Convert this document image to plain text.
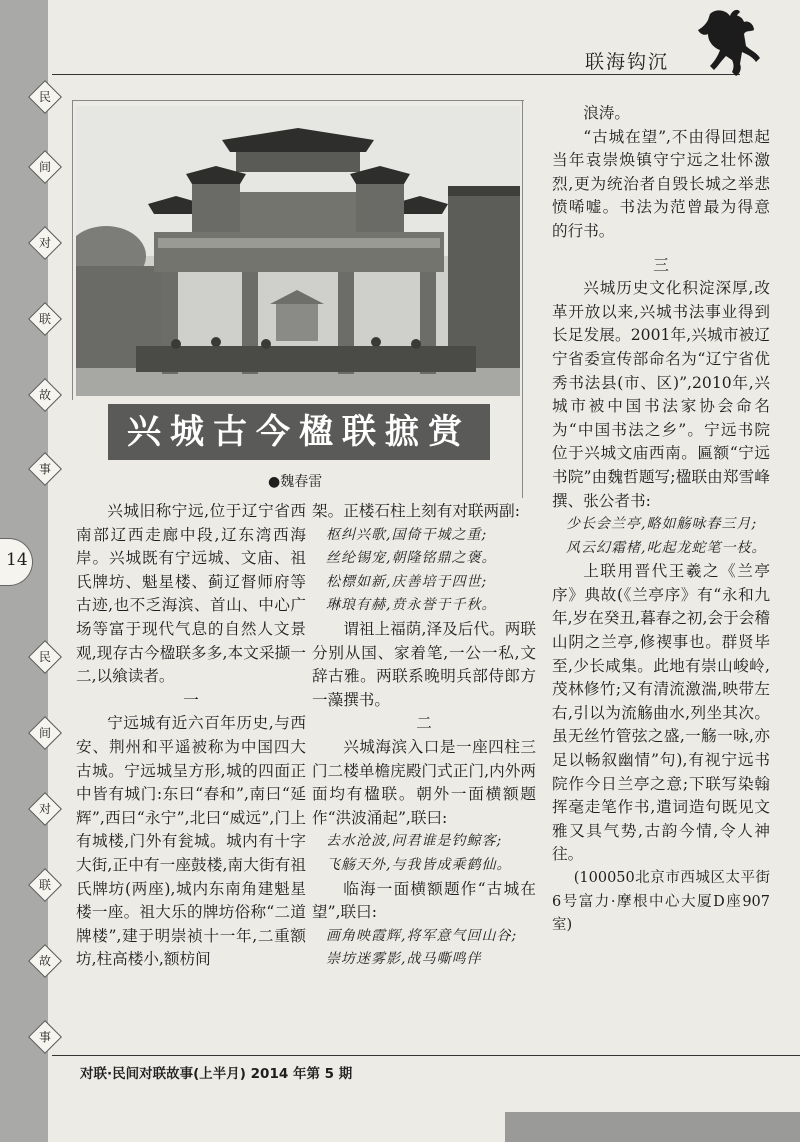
民
间
对
联
故
事
14
民
间
对
联
故
事
联海钩沉
兴城古今楹联摭赏
●魏春雷

兴城旧称宁远,位于辽宁省西南部辽西走廊中段,辽东湾西海岸。兴城既有宁远城、文庙、祖氏牌坊、魁星楼、蓟辽督师府等古迹,也不乏海滨、首山、中心广场等富于现代气息的自然人文景观,现存古今楹联多多,本文采撷一二,以飨读者。

一

宁远城有近六百年历史,与西安、荆州和平遥被称为中国四大古城。宁远城呈方形,城的四面正中皆有城门:东曰“春和”,南曰“延辉”,西曰“永宁”,北曰“威远”,门上有城楼,门外有瓮城。城内有十字大街,正中有一座鼓楼,南大街有祖氏牌坊(两座),城内东南角建魁星楼一座。祖大乐的牌坊俗称“二道牌楼”,建于明崇祯十一年,二重额坊,柱高楼小,额枋间

架。正楼石柱上刻有对联两副:

枢纠兴歌,国倚干城之重;

丝纶锡宠,朝隆铭鼎之褒。

松標如新,庆善培于四世;

琳琅有赫,贲永誉于千秋。

谓祖上福荫,泽及后代。两联分别从国、家着笔,一公一私,文辞古雅。两联系晚明兵部侍郎方一藻撰书。

二

兴城海滨入口是一座四柱三门二楼单檐庑殿门式正门,内外两面均有楹联。朝外一面横额题作“洪波涌起”,联曰:

去水沧波,问君谁是钓鲸客;

飞觞天外,与我皆成乘鹤仙。

临海一面横额题作“古城在望”,联曰:

画角映霞辉,将军意气回山谷;

崇坊迷雾影,战马嘶鸣伴

浪涛。

“古城在望”,不由得回想起当年袁崇焕镇守宁远之壮怀激烈,更为统治者自毁长城之举悲愤唏嘘。书法为范曾最为得意的行书。

三

兴城历史文化积淀深厚,改革开放以来,兴城书法事业得到长足发展。2001年,兴城市被辽宁省委宣传部命名为“辽宁省优秀书法县(市、区)”,2010年,兴城市被中国书法家协会命名为“中国书法之乡”。宁远书院位于兴城文庙西南。匾额“宁远书院”由魏哲题写;楹联由郑雪峰撰、张公者书:

少长会兰亭,略如觞咏春三月;

风云幻霜楮,叱起龙蛇笔一枝。

上联用晋代王羲之《兰亭序》典故(《兰亭序》有“永和九年,岁在癸丑,暮春之初,会于会稽山阴之兰亭,修禊事也。群贤毕至,少长咸集。此地有崇山峻岭,茂林修竹;又有清流激湍,映带左右,引以为流觞曲水,列坐其次。虽无丝竹管弦之盛,一觞一咏,亦足以畅叙幽情”句),有视宁远书院作今日兰亭之意;下联写染翰挥毫走笔作书,遣词造句既见文雅又具气势,古韵今情,令人神往。

(100050北京市西城区太平街6号富力·摩根中心大厦D座907室)

对联·民间对联故事(上半月) 2014 年第 5 期
